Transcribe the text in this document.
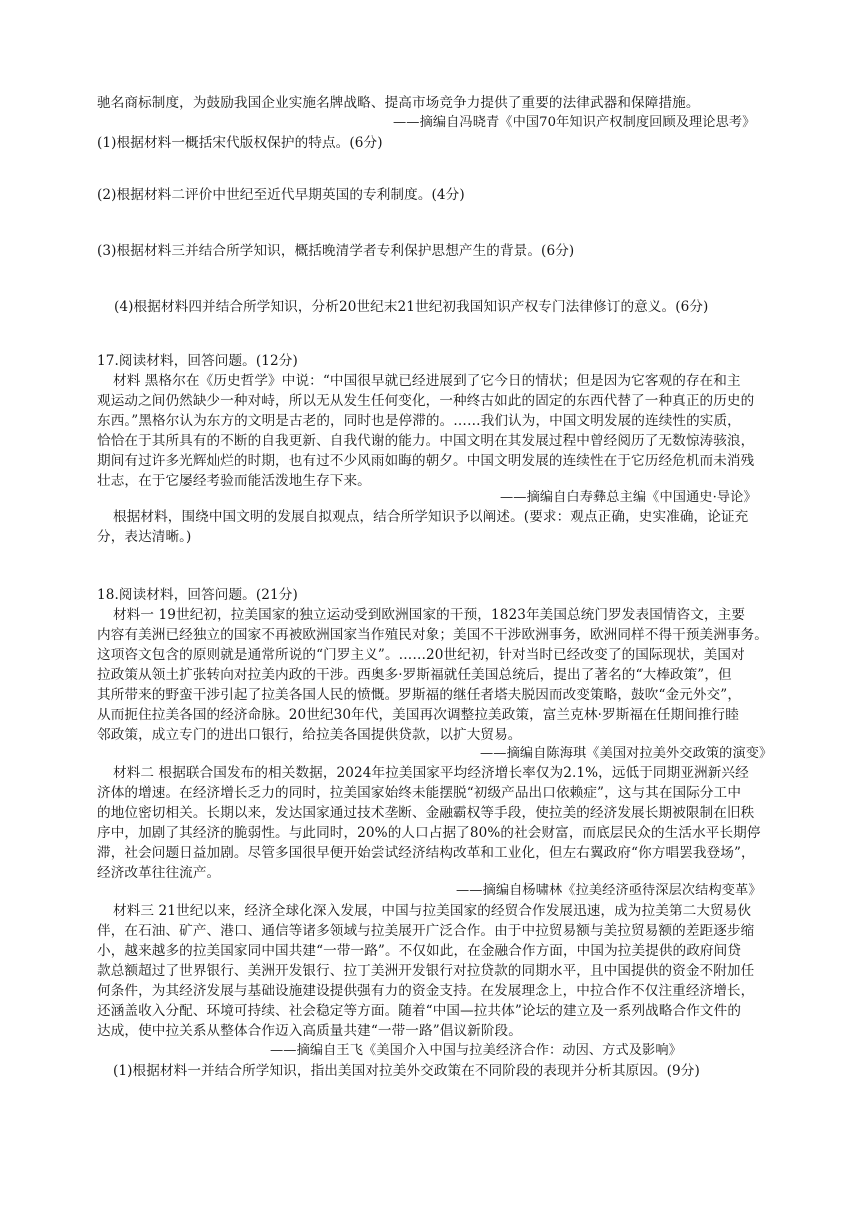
驰名商标制度，为鼓励我国企业实施名牌战略、提高市场竞争力提供了重要的法律武器和保障措施。
——摘编自冯晓青《中国70年知识产权制度回顾及理论思考》
(1)根据材料一概括宋代版权保护的特点。(6分)
(2)根据材料二评价中世纪至近代早期英国的专利制度。(4分)
(3)根据材料三并结合所学知识，概括晚清学者专利保护思想产生的背景。(6分)
(4)根据材料四并结合所学知识，分析20世纪末21世纪初我国知识产权专门法律修订的意义。(6分)
17.阅读材料，回答问题。(12分)
材料 黑格尔在《历史哲学》中说：“中国很早就已经进展到了它今日的情状；但是因为它客观的存在和主
观运动之间仍然缺少一种对峙，所以无从发生任何变化，一种终古如此的固定的东西代替了一种真正的历史的
东西。”黑格尔认为东方的文明是古老的，同时也是停滞的。……我们认为，中国文明发展的连续性的实质，
恰恰在于其所具有的不断的自我更新、自我代谢的能力。中国文明在其发展过程中曾经阅历了无数惊涛骇浪，
期间有过许多光辉灿烂的时期，也有过不少风雨如晦的朝夕。中国文明发展的连续性在于它历经危机而未消残
壮志，在于它屡经考验而能活泼地生存下来。
——摘编自白寿彝总主编《中国通史·导论》
根据材料，围绕中国文明的发展自拟观点，结合所学知识予以阐述。(要求：观点正确，史实准确，论证充
分，表达清晰。)
18.阅读材料，回答问题。(21分)
材料一 19世纪初，拉美国家的独立运动受到欧洲国家的干预，1823年美国总统门罗发表国情咨文，主要
内容有美洲已经独立的国家不再被欧洲国家当作殖民对象；美国不干涉欧洲事务，欧洲同样不得干预美洲事务。
这项咨文包含的原则就是通常所说的“门罗主义”。……20世纪初，针对当时已经改变了的国际现状，美国对
拉政策从领土扩张转向对拉美内政的干涉。西奥多·罗斯福就任美国总统后，提出了著名的“大棒政策”，但
其所带来的野蛮干涉引起了拉美各国人民的愤慨。罗斯福的继任者塔夫脱因而改变策略，鼓吹“金元外交”，
从而扼住拉美各国的经济命脉。20世纪30年代，美国再次调整拉美政策，富兰克林·罗斯福在任期间推行睦
邻政策，成立专门的进出口银行，给拉美各国提供贷款，以扩大贸易。
——摘编自陈海琪《美国对拉美外交政策的演变》
材料二 根据联合国发布的相关数据，2024年拉美国家平均经济增长率仅为2.1%，远低于同期亚洲新兴经
济体的增速。在经济增长乏力的同时，拉美国家始终未能摆脱“初级产品出口依赖症”，这与其在国际分工中
的地位密切相关。长期以来，发达国家通过技术垄断、金融霸权等手段，使拉美的经济发展长期被限制在旧秩
序中，加剧了其经济的脆弱性。与此同时，20%的人口占据了80%的社会财富，而底层民众的生活水平长期停
滞，社会问题日益加剧。尽管多国很早便开始尝试经济结构改革和工业化，但左右翼政府“你方唱罢我登场”，
经济改革往往流产。
——摘编自杨啸林《拉美经济亟待深层次结构变革》
材料三 21世纪以来，经济全球化深入发展，中国与拉美国家的经贸合作发展迅速，成为拉美第二大贸易伙
伴，在石油、矿产、港口、通信等诸多领域与拉美展开广泛合作。由于中拉贸易额与美拉贸易额的差距逐步缩
小，越来越多的拉美国家同中国共建“一带一路”。不仅如此，在金融合作方面，中国为拉美提供的政府间贷
款总额超过了世界银行、美洲开发银行、拉丁美洲开发银行对拉贷款的同期水平，且中国提供的资金不附加任
何条件，为其经济发展与基础设施建设提供强有力的资金支持。在发展理念上，中拉合作不仅注重经济增长，
还涵盖收入分配、环境可持续、社会稳定等方面。随着“中国—拉共体”论坛的建立及一系列战略合作文件的
达成，使中拉关系从整体合作迈入高质量共建“一带一路”倡议新阶段。
——摘编自王飞《美国介入中国与拉美经济合作：动因、方式及影响》
(1)根据材料一并结合所学知识，指出美国对拉美外交政策在不同阶段的表现并分析其原因。(9分)
